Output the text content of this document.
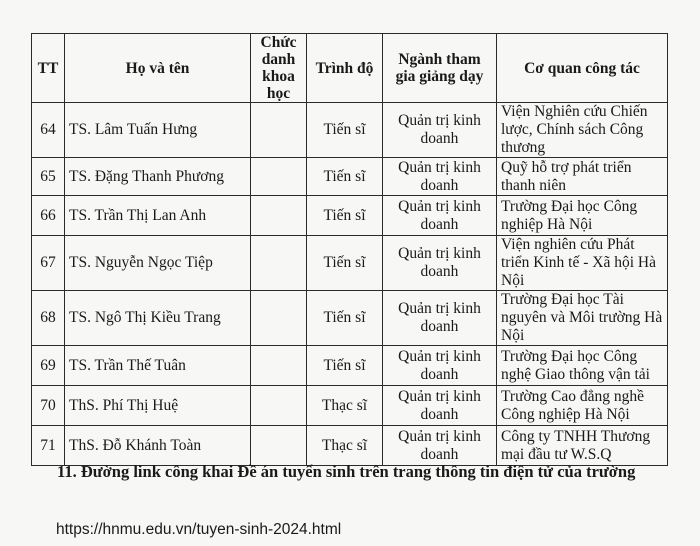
TT	Họ và tên	Chức danh khoa học	Trình độ	Ngành tham gia giảng dạy	Cơ quan công tác
64	TS. Lâm Tuấn Hưng		Tiến sĩ	Quản trị kinh doanh	Viện Nghiên cứu Chiến lược, Chính sách Công thương
65	TS. Đặng Thanh Phương		Tiến sĩ	Quản trị kinh doanh	Quỹ hỗ trợ phát triển thanh niên
66	TS. Trần Thị Lan Anh		Tiến sĩ	Quản trị kinh doanh	Trường Đại học Công nghiệp Hà Nội
67	TS. Nguyễn Ngọc Tiệp		Tiến sĩ	Quản trị kinh doanh	Viện nghiên cứu Phát triển Kinh tế - Xã hội Hà Nội
68	TS. Ngô Thị Kiều Trang		Tiến sĩ	Quản trị kinh doanh	Trường Đại học Tài nguyên và Môi trường Hà Nội
69	TS. Trần Thế Tuân		Tiến sĩ	Quản trị kinh doanh	Trường Đại học Công nghệ Giao thông vận tải
70	ThS. Phí Thị Huệ		Thạc sĩ	Quản trị kinh doanh	Trường Cao đẳng nghề Công nghiệp Hà Nội
71	ThS. Đỗ Khánh Toàn		Thạc sĩ	Quản trị kinh doanh	Công ty TNHH Thương mại đầu tư W.S.Q

11. Đường link công khai Đề án tuyển sinh trên trang thông tin điện tử của trường

https://hnmu.edu.vn/tuyen-sinh-2024.html
